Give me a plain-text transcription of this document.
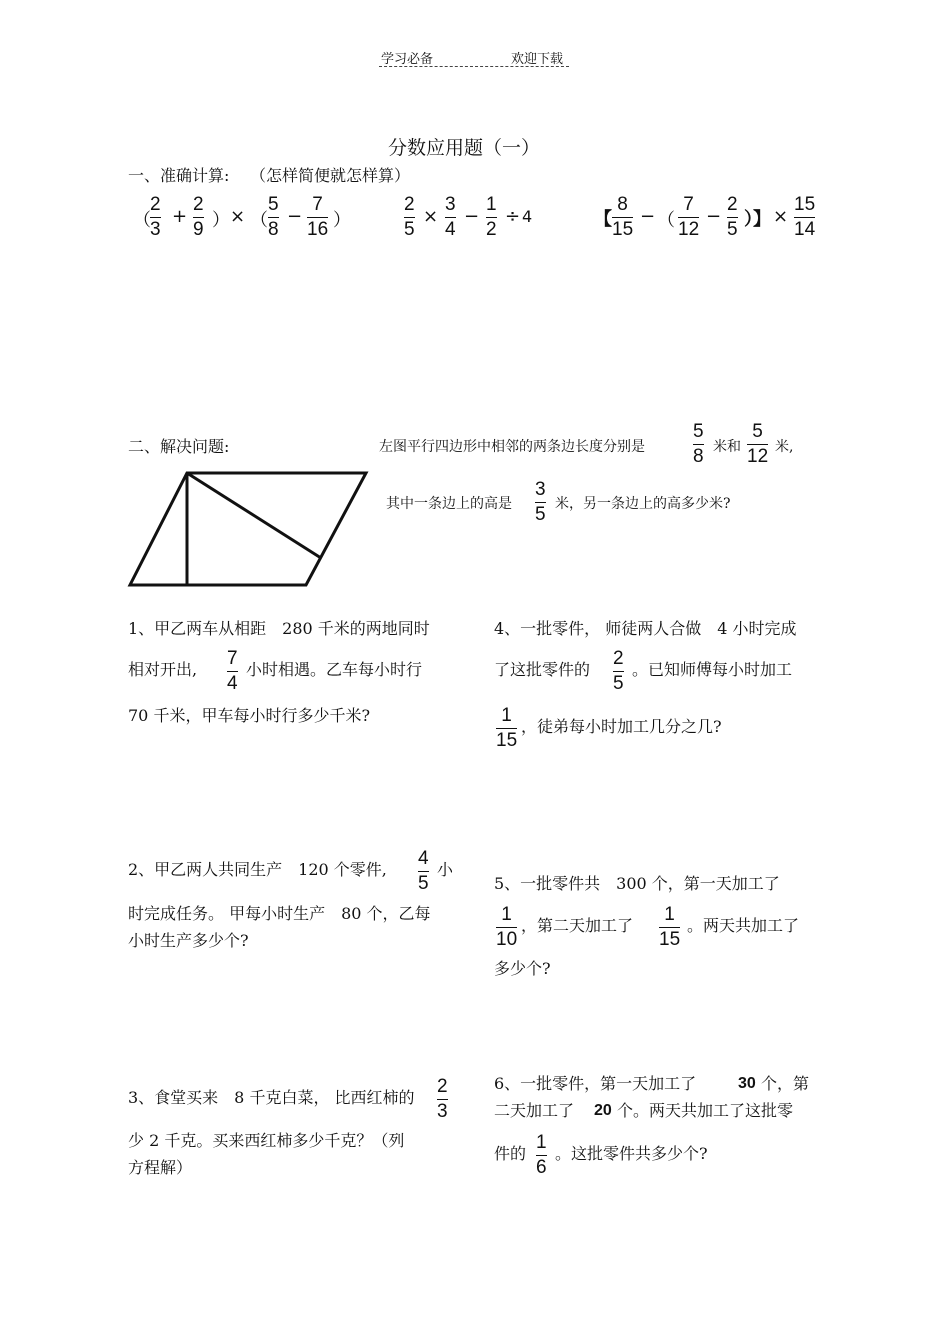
学习必备	欢迎下载
分数应用题（一）
一、准确计算: （怎样简便就怎样算）
（
2
3
+
2
9 ） × （
5
8
−
7
16 ）
2
5
×
3
4
−
1
2
÷ 4	【
8
15
− （
7
12
−
2
5 ）】 ×
15
14
二、解决问题:	左图平行四边形中相邻的两条边长度分别是
5
8 米和
5
12 米,
其中一条边上的高是
3
5 米，另一条边上的高多少米?
1、甲乙两车从相距　280 千米的两地同时
相对开出,
7
4
小时相遇。乙车每小时行
70 千米，甲车每小时行多少千米?
2、甲乙两人共同生产　120 个零件,
4
5
小
时完成任务。 甲每小时生产　80 个，乙每
小时生产多少个?
3、食堂买来　8 千克白菜， 比西红柿的
2
3
少 2 千克。买来西红柿多少千克？（列
方程解）
4、一批零件， 师徒两人合做　4 小时完成
了这批零件的
2
5
。已知师傅每小时加工
1
15
，徒弟每小时加工几分之几?
5、一批零件共　300 个，第一天加工了
1
10
，第二天加工了
1
15
。两天共加工了
多少个?
6、一批零件，第一天加工了	30 个，第
二天加工了 20 个。两天共加工了这批零
件的
1
6
。这批零件共多少个?
